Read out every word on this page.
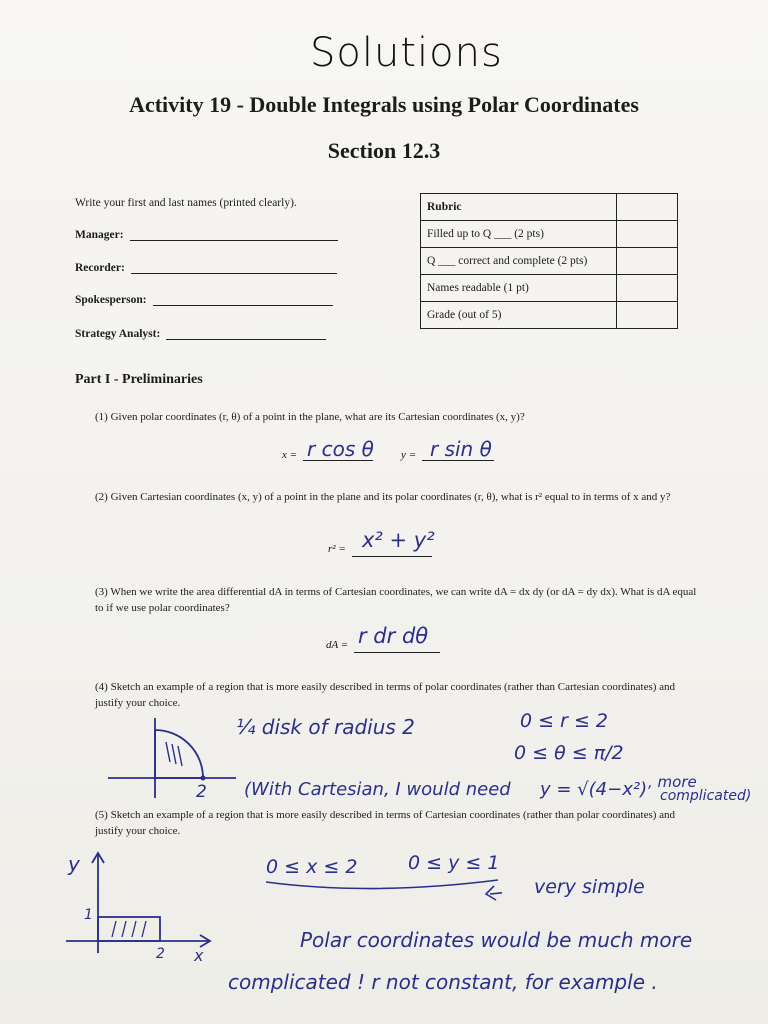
Solutions
Activity 19 - Double Integrals using Polar Coordinates
Section 12.3
Write your first and last names (printed clearly).
Manager:
Recorder:
Spokesperson:
Strategy Analyst:
Rubric	
Filled up to Q ___ (2 pts)	
Q ___ correct and complete (2 pts)	
Names readable (1 pt)	
Grade (out of 5)	
Part I - Preliminaries
(1) Given polar coordinates (r, θ) of a point in the plane, what are its Cartesian coordinates (x, y)?
x = r cos θ y = r sin θ
(2) Given Cartesian coordinates (x, y) of a point in the plane and its polar coordinates (r, θ), what is r² equal to in terms of x and y?
r² = x² + y²
(3) When we write the area differential dA in terms of Cartesian coordinates, we can write dA = dx dy (or dA = dy dx). What is dA equal to if we use polar coordinates?
dA = r dr dθ
(4) Sketch an example of a region that is more easily described in terms of polar coordinates (rather than Cartesian coordinates) and justify your choice.
2
¼ disk of radius 2	0 ≤ r ≤ 2
0 ≤ θ ≤ π/2
(With Cartesian, I would need y = √(4−x²) , more
complicated)
(5) Sketch an example of a region that is more easily described in terms of Cartesian coordinates (rather than polar coordinates) and justify your choice.
y
1
2 x
0 ≤ x ≤ 2	0 ≤ y ≤ 1
very simple
Polar coordinates would be much more
complicated ! r not constant, for example .
